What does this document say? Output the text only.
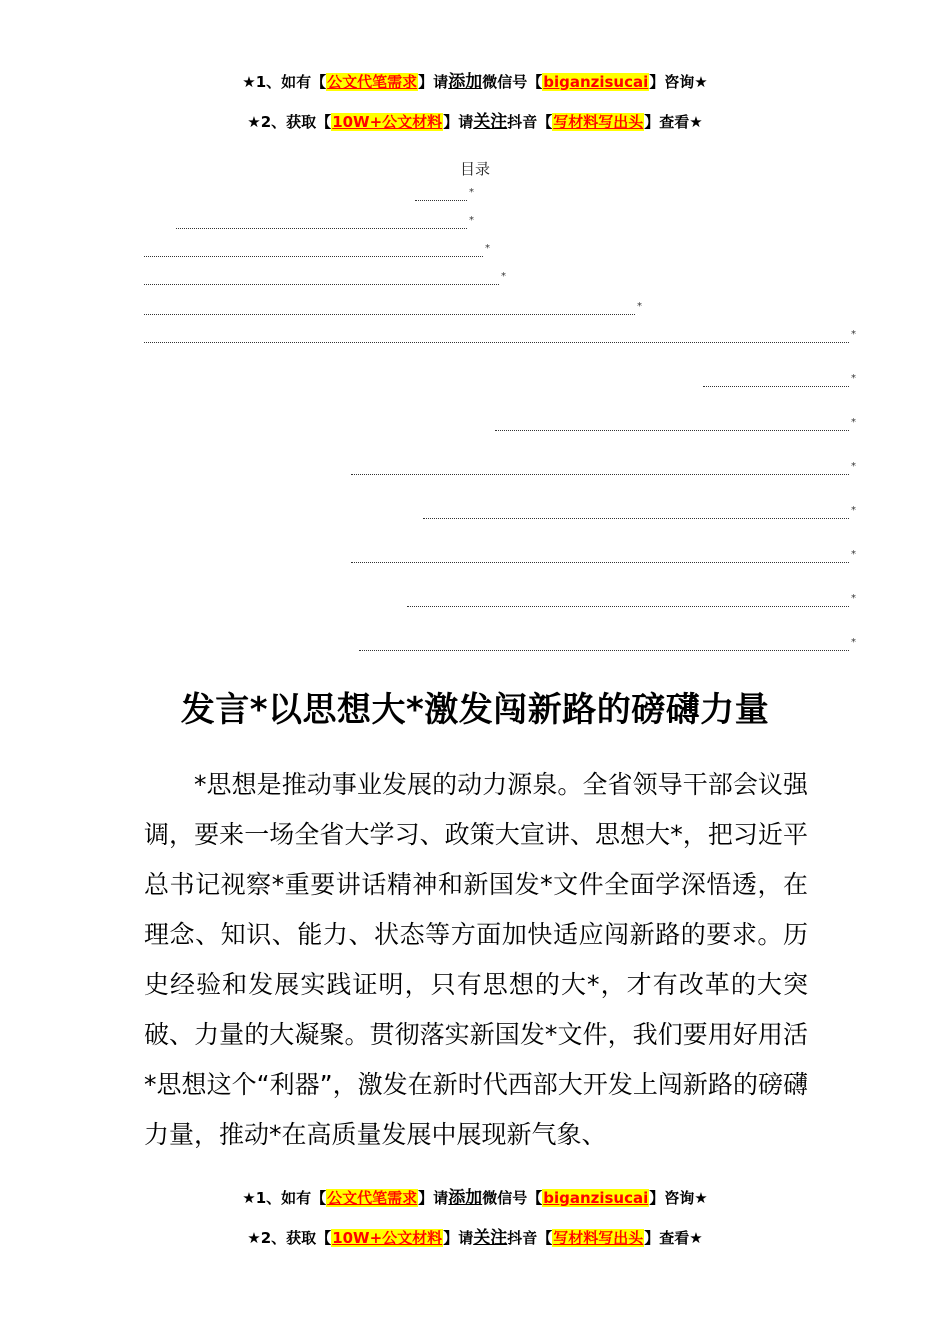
★1、如有【公文代笔需求】请添加微信号【biganzisucai】咨询★
★2、获取【10W+公文材料】请关注抖音【写材料写出头】查看★
目录
*
*
*
*
*
*
*
*
*
*
*
*
*
发言*以思想大*激发闯新路的磅礴力量

*思想是推动事业发展的动力源泉。全省领导干部会议强调，要来一场全省大学习、政策大宣讲、思想大*，把习近平总书记视察*重要讲话精神和新国发*文件全面学深悟透，在理念、知识、能力、状态等方面加快适应闯新路的要求。历史经验和发展实践证明，只有思想的大*，才有改革的大突破、力量的大凝聚。贯彻落实新国发*文件，我们要用好用活*思想这个“利器”，激发在新时代西部大开发上闯新路的磅礴力量，推动*在高质量发展中展现新气象、

★1、如有【公文代笔需求】请添加微信号【biganzisucai】咨询★
★2、获取【10W+公文材料】请关注抖音【写材料写出头】查看★
